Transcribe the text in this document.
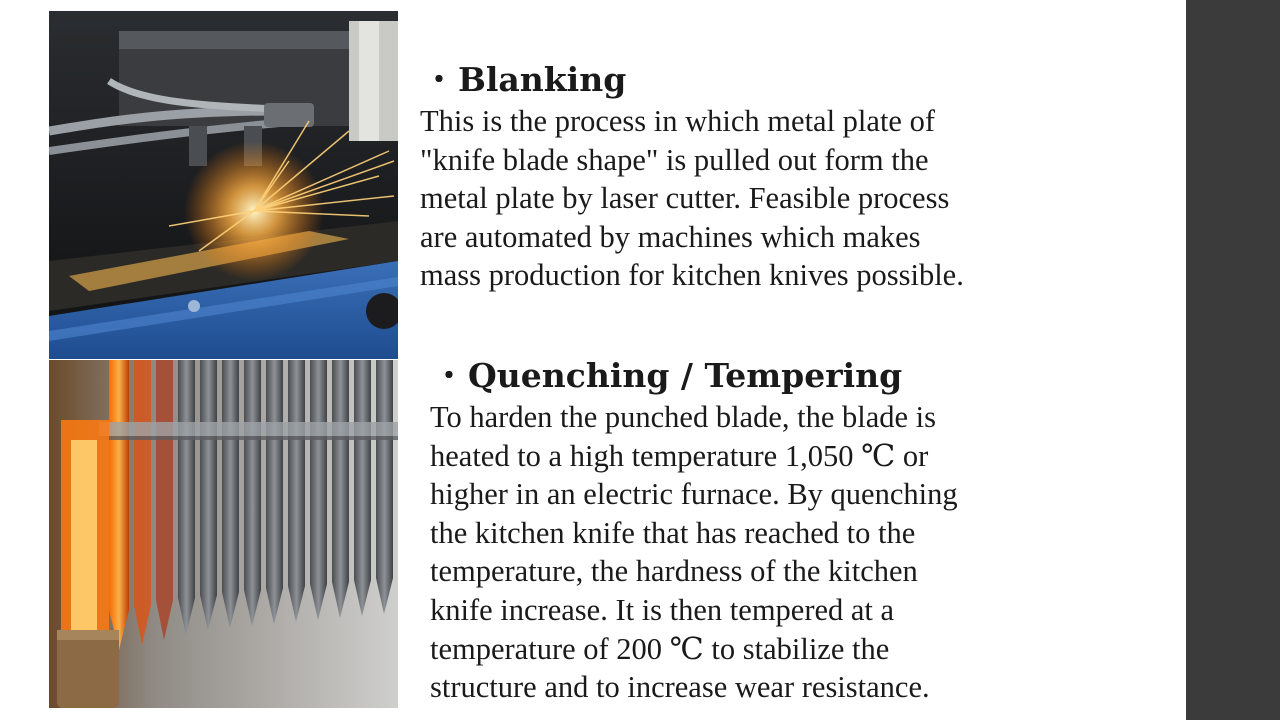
・Blanking

This is the process in which metal plate of
"knife blade shape" is pulled out form the
metal plate by laser cutter. Feasible process
are automated by machines which makes
mass production for kitchen knives possible.

・Quenching / Tempering

To harden the punched blade, the blade is
heated to a high temperature 1,050 ℃ or
higher in an electric furnace. By quenching
the kitchen knife that has reached to the
temperature, the hardness of the kitchen
knife increase. It is then tempered at a
temperature of 200 ℃ to stabilize the
structure and to increase wear resistance.
